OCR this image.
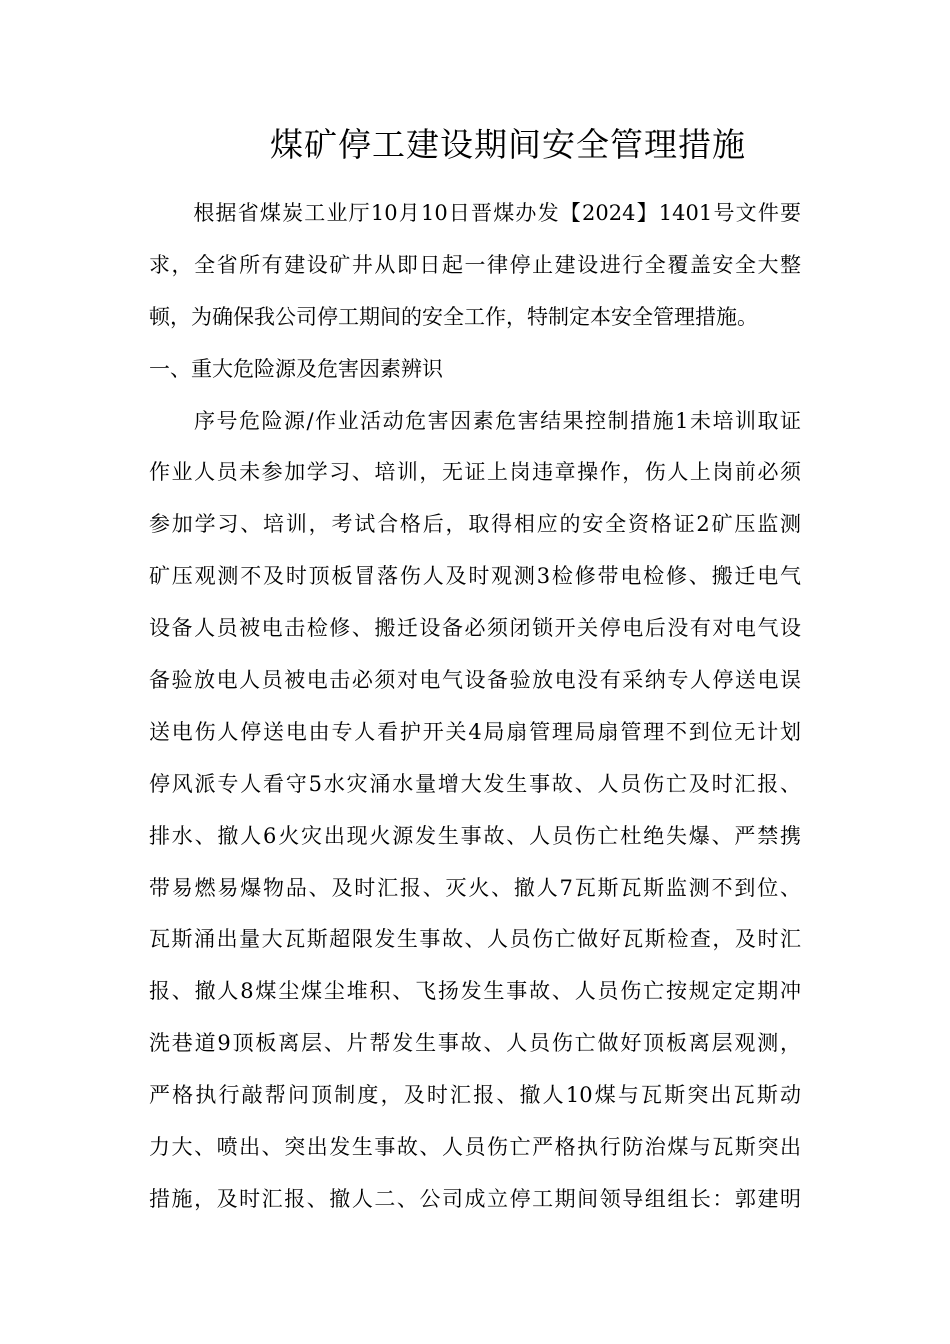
煤矿停工建设期间安全管理措施
　　根据省煤炭工业厅10月10日晋煤办发【2024】1401号文件要
求，全省所有建设矿井从即日起一律停止建设进行全覆盖安全大整
顿，为确保我公司停工期间的安全工作，特制定本安全管理措施。
一、重大危险源及危害因素辨识
　　序号危险源/作业活动危害因素危害结果控制措施1未培训取证
作业人员未参加学习、培训，无证上岗违章操作，伤人上岗前必须
参加学习、培训，考试合格后，取得相应的安全资格证2矿压监测
矿压观测不及时顶板冒落伤人及时观测3检修带电检修、搬迁电气
设备人员被电击检修、搬迁设备必须闭锁开关停电后没有对电气设
备验放电人员被电击必须对电气设备验放电没有采纳专人停送电误
送电伤人停送电由专人看护开关4局扇管理局扇管理不到位无计划
停风派专人看守5水灾涌水量增大发生事故、人员伤亡及时汇报、
排水、撤人6火灾出现火源发生事故、人员伤亡杜绝失爆、严禁携
带易燃易爆物品、及时汇报、灭火、撤人7瓦斯瓦斯监测不到位、
瓦斯涌出量大瓦斯超限发生事故、人员伤亡做好瓦斯检查，及时汇
报、撤人8煤尘煤尘堆积、飞扬发生事故、人员伤亡按规定定期冲
洗巷道9顶板离层、片帮发生事故、人员伤亡做好顶板离层观测，
严格执行敲帮问顶制度，及时汇报、撤人10煤与瓦斯突出瓦斯动
力大、喷出、突出发生事故、人员伤亡严格执行防治煤与瓦斯突出
措施，及时汇报、撤人二、公司成立停工期间领导组组长：郭建明
